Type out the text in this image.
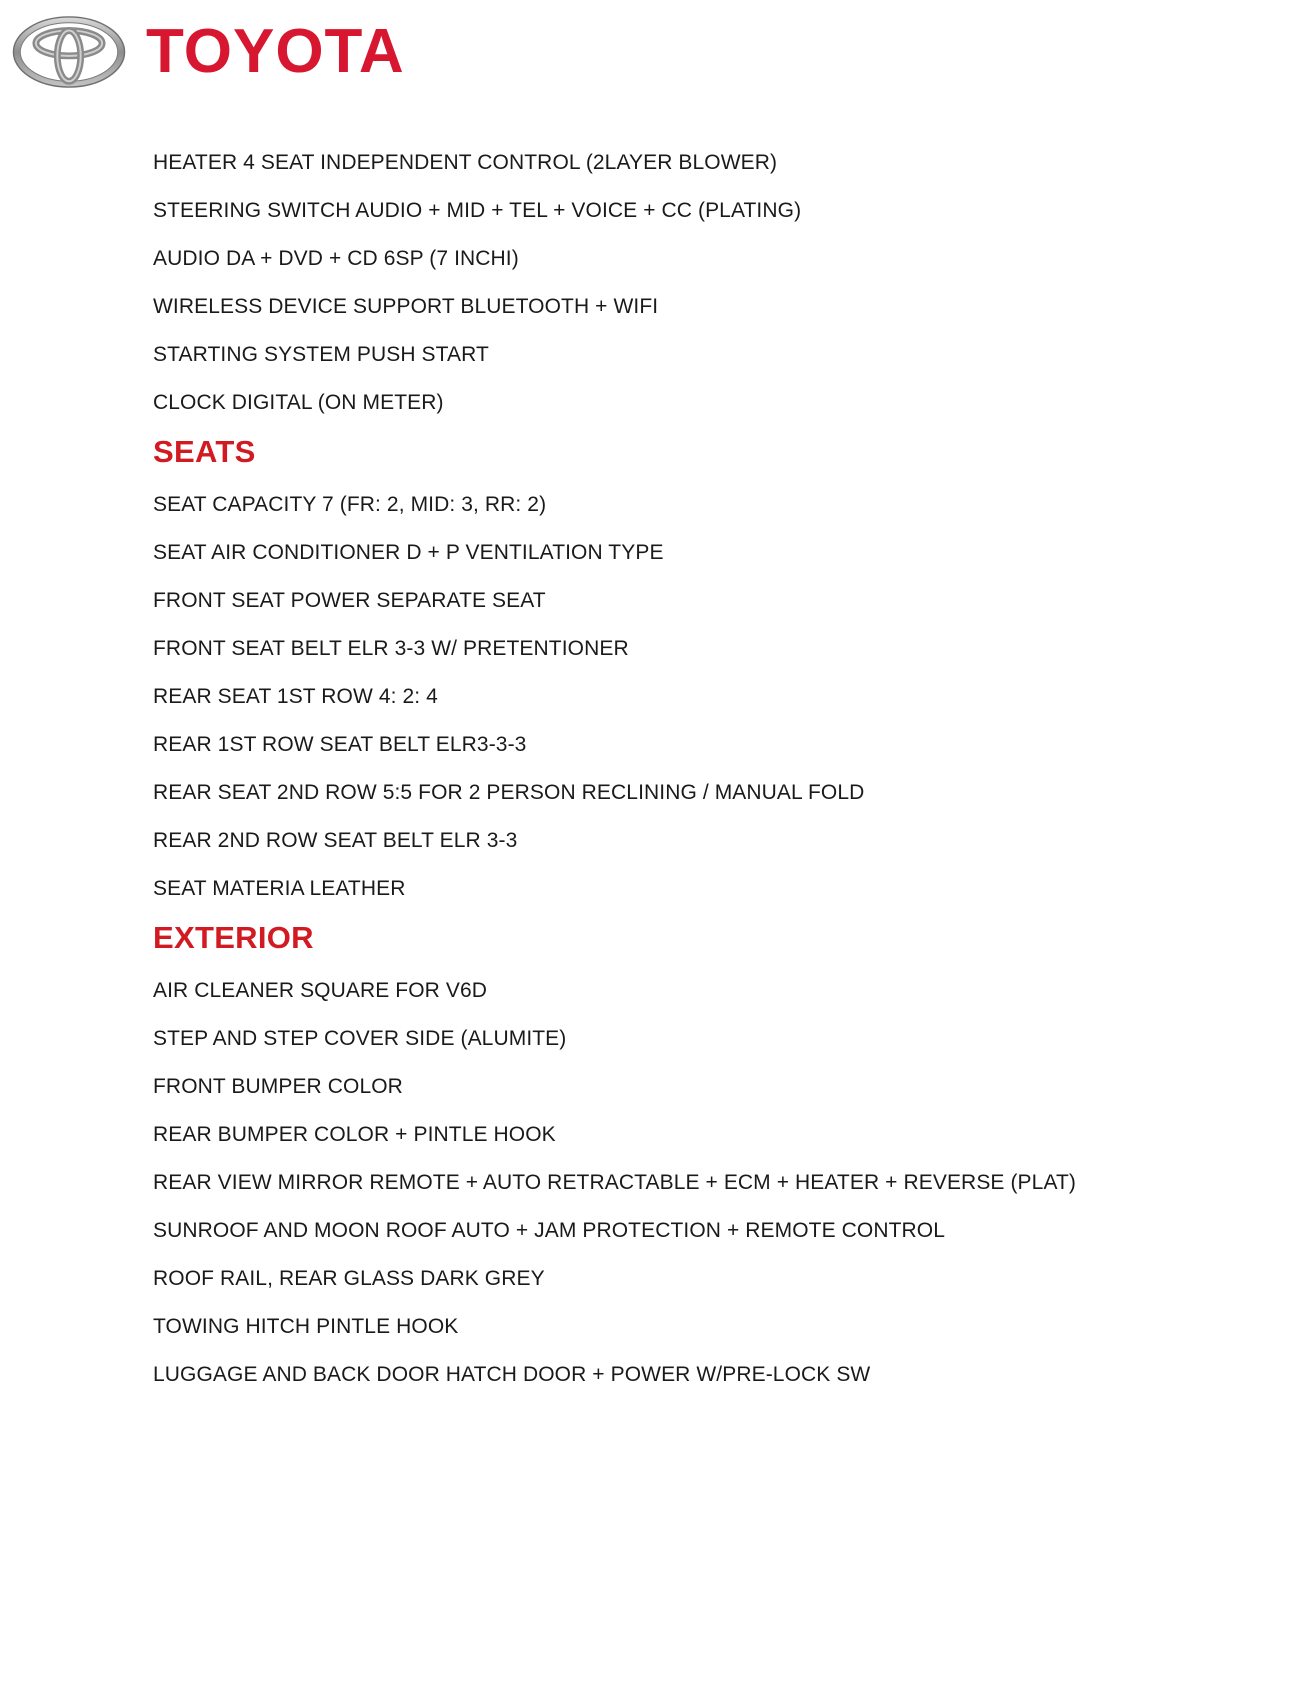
TOYOTA
HEATER 4 SEAT INDEPENDENT CONTROL (2LAYER BLOWER)
STEERING SWITCH AUDIO + MID + TEL + VOICE + CC (PLATING)
AUDIO DA + DVD + CD 6SP (7 INCHI)
WIRELESS DEVICE SUPPORT BLUETOOTH + WIFI
STARTING SYSTEM PUSH START
CLOCK DIGITAL (ON METER)
SEATS
SEAT CAPACITY 7 (FR: 2, MID: 3, RR: 2)
SEAT AIR CONDITIONER D + P VENTILATION TYPE
FRONT SEAT POWER SEPARATE SEAT
FRONT SEAT BELT ELR 3-3 W/ PRETENTIONER
REAR SEAT 1ST ROW 4: 2: 4
REAR 1ST ROW SEAT BELT ELR3-3-3
REAR SEAT 2ND ROW 5:5 FOR 2 PERSON RECLINING / MANUAL FOLD
REAR 2ND ROW SEAT BELT ELR 3-3
SEAT MATERIA LEATHER
EXTERIOR
AIR CLEANER SQUARE FOR V6D
STEP AND STEP COVER SIDE (ALUMITE)
FRONT BUMPER COLOR
REAR BUMPER COLOR + PINTLE HOOK
REAR VIEW MIRROR REMOTE + AUTO RETRACTABLE + ECM + HEATER + REVERSE (PLAT)
SUNROOF AND MOON ROOF AUTO + JAM PROTECTION + REMOTE CONTROL
ROOF RAIL, REAR GLASS DARK GREY
TOWING HITCH PINTLE HOOK
LUGGAGE AND BACK DOOR HATCH DOOR + POWER W/PRE-LOCK SW
